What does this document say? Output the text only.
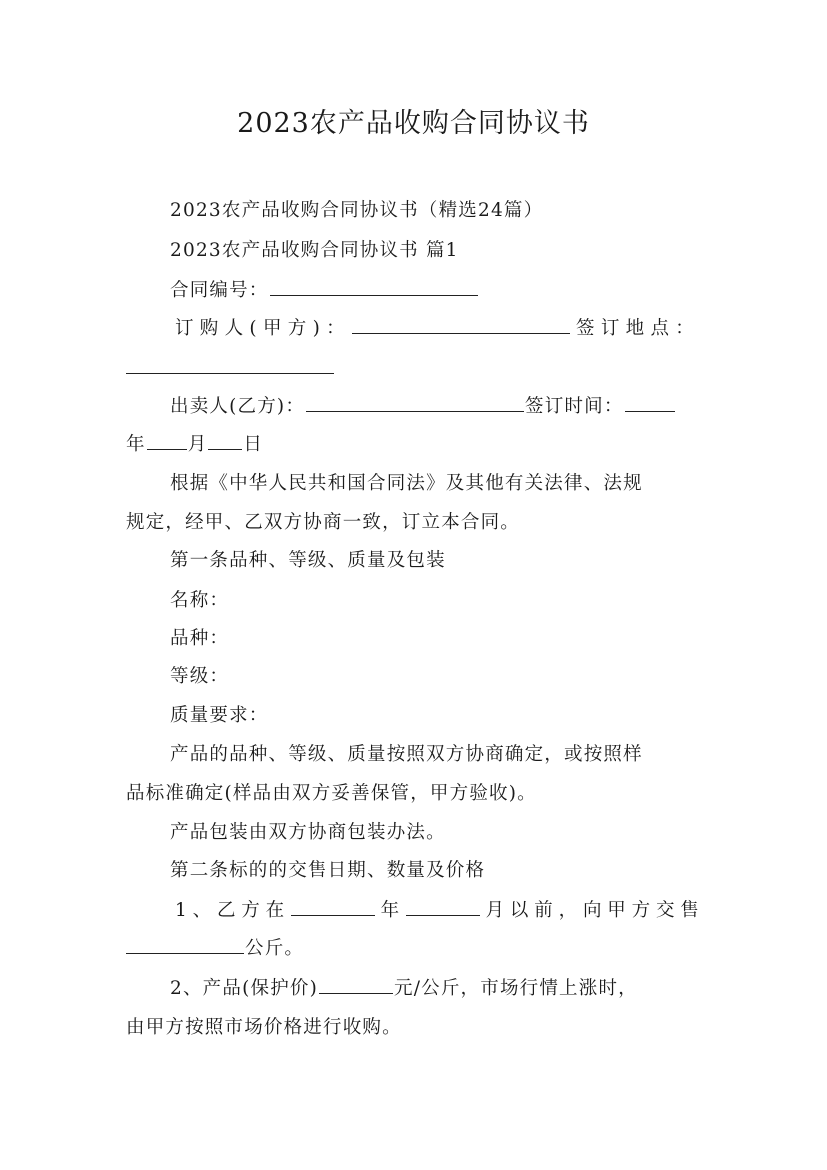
2023农产品收购合同协议书
2023农产品收购合同协议书（精选24篇）
2023农产品收购合同协议书 篇1
合同编号：
订购人(甲方)：	签订地点：
出卖人(乙方)：	签订时间：
年 月 日
根据《中华人民共和国合同法》及其他有关法律、法规
规定，经甲、乙双方协商一致，订立本合同。
第一条品种、等级、质量及包装
名称：
品种：
等级：
质量要求：
产品的品种、等级、质量按照双方协商确定，或按照样
品标准确定(样品由双方妥善保管，甲方验收)。
产品包装由双方协商包装办法。
第二条标的的交售日期、数量及价格
1、乙方在	年	月以前，向甲方交售
公斤。
2、产品(保护价)	元/公斤，市场行情上涨时，
由甲方按照市场价格进行收购。
